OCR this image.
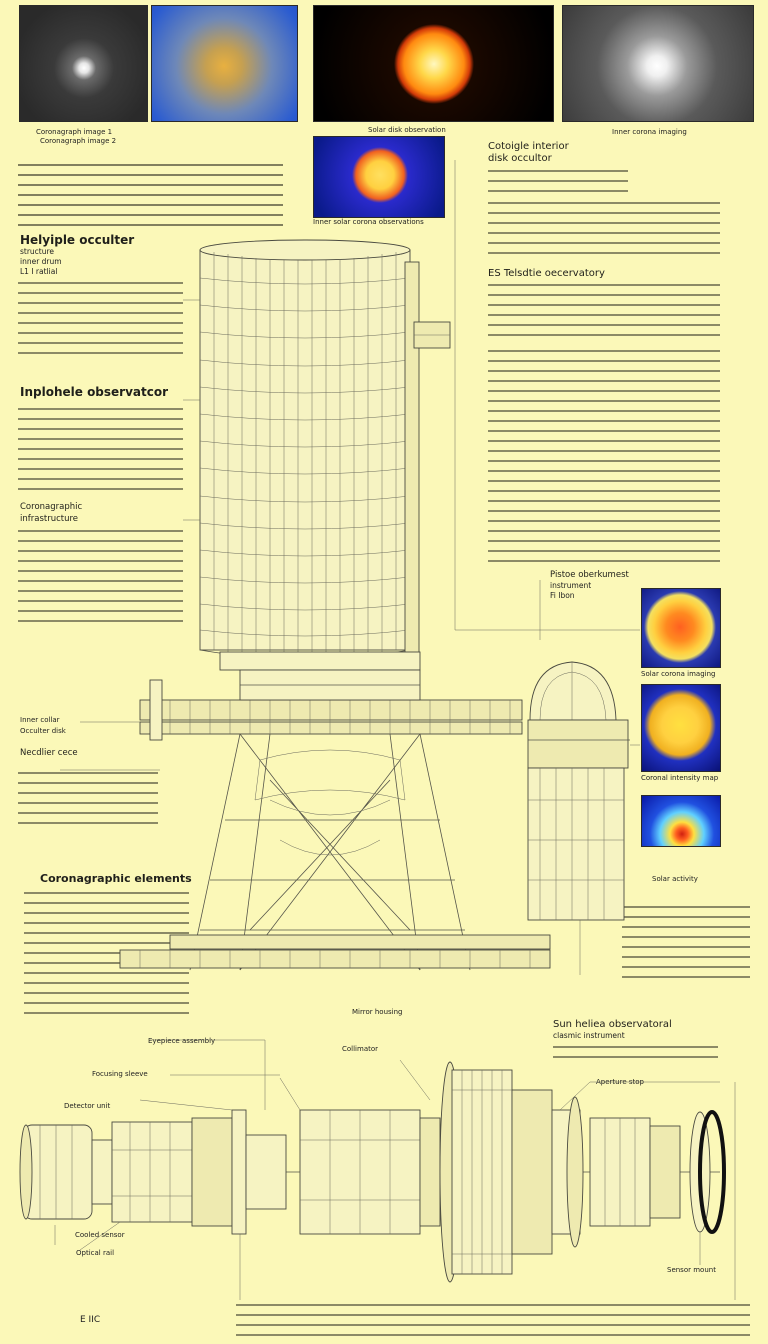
Coronagraph image 1	Solar disk observation	Inner corona imaging
Inner solar corona observations
Coronagraph image 2
Helyiple occulter
structure
inner drum
L1 I ratlial
Inplohele observatcor
Coronagraphic
infrastructure
Inner collar
Occulter disk
Necdlier cece
Coronagraphic elements
Cotoigle interior
disk occultor
ES Telsdtie oecervatory
Pistoe oberkumest
instrument
Fi Ibon
Solar corona imaging
Coronal intensity map
Solar activity
Sun heliea observatoral
clasmic instrument
Eyepiece assembly
Mirror housing
Collimator
Focusing sleeve
Detector unit
Aperture stop
Cooled sensor
Optical rail
Sensor mount
E IIC
